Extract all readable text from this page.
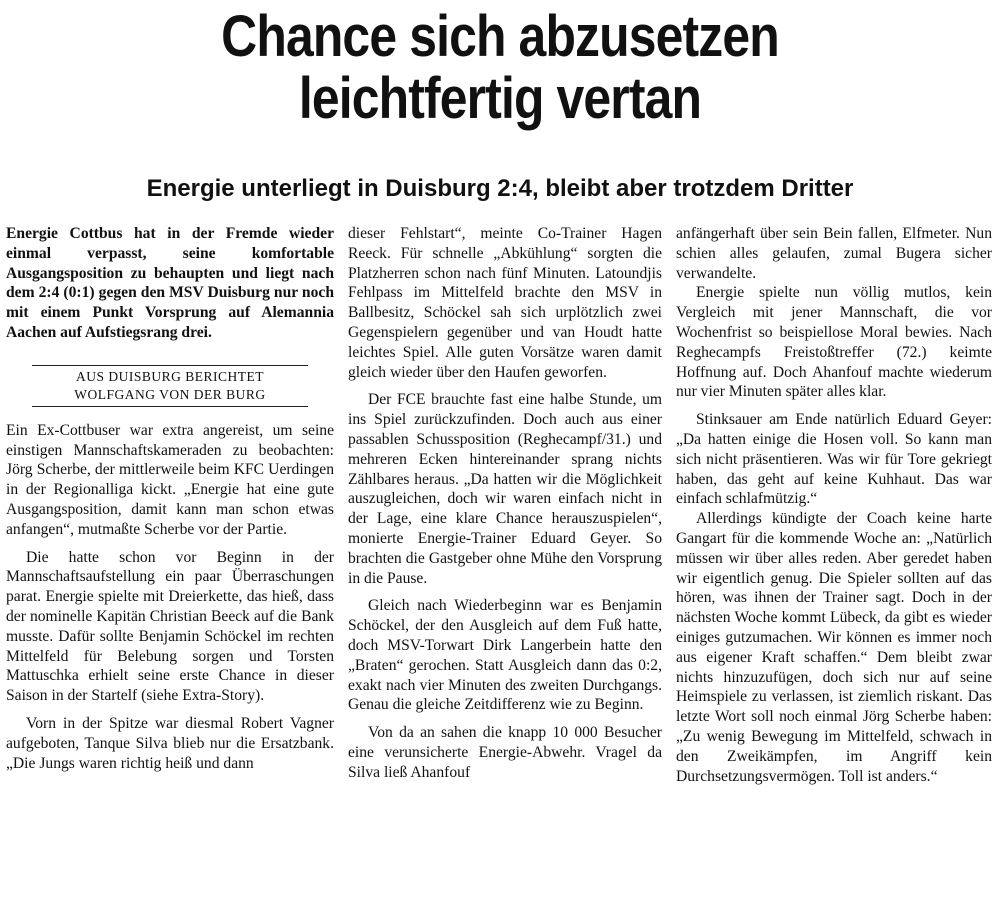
Chance sich abzusetzen
leichtfertig vertan
Energie unterliegt in Duisburg 2:4, bleibt aber trotzdem Dritter

Energie Cottbus hat in der Fremde wieder einmal verpasst, seine komfortable Ausgangsposition zu behaupten und liegt nach dem 2:4 (0:1) gegen den MSV Duisburg nur noch mit einem Punkt Vorsprung auf Alemannia Aachen auf Aufstiegsrang drei.

AUS DUISBURG BERICHTET
WOLFGANG VON DER BURG

Ein Ex-Cottbuser war extra angereist, um seine einstigen Mannschaftskameraden zu beobachten: Jörg Scherbe, der mittlerweile beim KFC Uerdingen in der Regionalliga kickt. „Energie hat eine gute Ausgangsposition, damit kann man schon etwas anfangen“, mutmaßte Scherbe vor der Partie.

Die hatte schon vor Beginn in der Mannschaftsaufstellung ein paar Überraschungen parat. Energie spielte mit Dreierkette, das hieß, dass der nominelle Kapitän Christian Beeck auf die Bank musste. Dafür sollte Benjamin Schöckel im rechten Mittelfeld für Belebung sorgen und Torsten Mattuschka erhielt seine erste Chance in dieser Saison in der Startelf (siehe Extra-Story).

Vorn in der Spitze war diesmal Robert Vagner aufgeboten, Tanque Silva blieb nur die Ersatzbank. „Die Jungs waren richtig heiß und dann

dieser Fehlstart“, meinte Co-Trainer Hagen Reeck. Für schnelle „Abkühlung“ sorgten die Platzherren schon nach fünf Minuten. Latoundjis Fehlpass im Mittelfeld brachte den MSV in Ballbesitz, Schöckel sah sich urplötzlich zwei Gegenspielern gegenüber und van Houdt hatte leichtes Spiel. Alle guten Vorsätze waren damit gleich wieder über den Haufen geworfen.

Der FCE brauchte fast eine halbe Stunde, um ins Spiel zurückzufinden. Doch auch aus einer passablen Schussposition (Reghecampf/31.) und mehreren Ecken hintereinander sprang nichts Zählbares heraus. „Da hatten wir die Möglichkeit auszugleichen, doch wir waren einfach nicht in der Lage, eine klare Chance herauszuspielen“, monierte Energie-Trainer Eduard Geyer. So brachten die Gastgeber ohne Mühe den Vorsprung in die Pause.

Gleich nach Wiederbeginn war es Benjamin Schöckel, der den Ausgleich auf dem Fuß hatte, doch MSV-Torwart Dirk Langerbein hatte den „Braten“ gerochen. Statt Ausgleich dann das 0:2, exakt nach vier Minuten des zweiten Durchgangs. Genau die gleiche Zeitdifferenz wie zu Beginn.

Von da an sahen die knapp 10 000 Besucher eine verunsicherte Energie-Abwehr. Vragel da Silva ließ Ahanfouf

anfängerhaft über sein Bein fallen, Elfmeter. Nun schien alles gelaufen, zumal Bugera sicher verwandelte.

Energie spielte nun völlig mutlos, kein Vergleich mit jener Mannschaft, die vor Wochenfrist so beispiellose Moral bewies. Nach Reghecampfs Freistoßtreffer (72.) keimte Hoffnung auf. Doch Ahanfouf machte wiederum nur vier Minuten später alles klar.

Stinksauer am Ende natürlich Eduard Geyer: „Da hatten einige die Hosen voll. So kann man sich nicht präsentieren. Was wir für Tore gekriegt haben, das geht auf keine Kuhhaut. Das war einfach schlafmützig.“

Allerdings kündigte der Coach keine harte Gangart für die kommende Woche an: „Natürlich müssen wir über alles reden. Aber geredet haben wir eigentlich genug. Die Spieler sollten auf das hören, was ihnen der Trainer sagt. Doch in der nächsten Woche kommt Lübeck, da gibt es wieder einiges gutzumachen. Wir können es immer noch aus eigener Kraft schaffen.“ Dem bleibt zwar nichts hinzuzufügen, doch sich nur auf seine Heimspiele zu verlassen, ist ziemlich riskant. Das letzte Wort soll noch einmal Jörg Scherbe haben: „Zu wenig Bewegung im Mittelfeld, schwach in den Zweikämpfen, im Angriff kein Durchsetzungsvermögen. Toll ist anders.“
